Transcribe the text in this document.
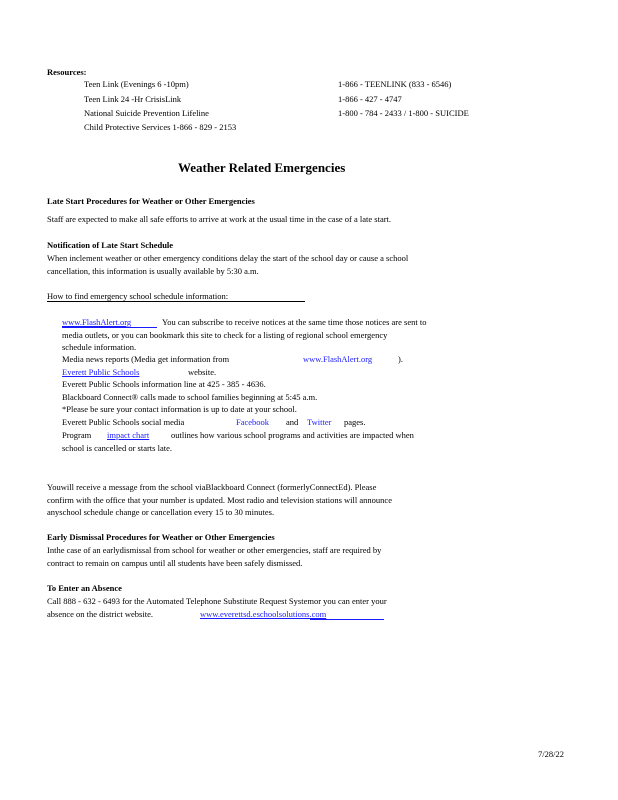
Resources:
Teen Link (Evenings 6 -10pm)	1-866 - TEENLINK (833 - 6546)
Teen Link 24 -Hr CrisisLink	1-866 - 427 - 4747
National Suicide Prevention Lifeline	1-800 - 784 - 2433 / 1-800 - SUICIDE
Child Protective Services 1-866 - 829 - 2153
Weather Related Emergencies
Late Start Procedures for Weather or Other Emergencies
Staff are expected to make all safe efforts to arrive at work at the usual time in the case of a late start.
Notification of Late Start Schedule
When inclement weather or other emergency conditions delay the start of the school day or cause a school
cancellation, this information is usually available by 5:30 a.m.
How to find emergency school schedule information:
www.FlashAlert.org	You can subscribe to receive notices at the same time those notices are sent to
media outlets, or you can bookmark this site to check for a listing of regional school emergency
schedule information.
Media news reports (Media get information from	www.FlashAlert.org	).
Everett Public Schools	website.
Everett Public Schools information line at 425 - 385 - 4636.
Blackboard Connect® calls made to school families beginning at 5:45 a.m.
*Please be sure your contact information is up to date at your school.
Everett Public Schools social media	Facebook and Twitter pages.
Program impact chart	outlines how various school programs and activities are impacted when
school is cancelled or starts late.
Youwill receive a message from the school viaBlackboard Connect (formerlyConnectEd). Please
confirm with the office that your number is updated. Most radio and television stations will announce
anyschool schedule change or cancellation every 15 to 30 minutes.
Early Dismissal Procedures for Weather or Other Emergencies
Inthe case of an earlydismissal from school for weather or other emergencies, staff are required by
contract to remain on campus until all students have been safely dismissed.
To Enter an Absence
Call 888 - 632 - 6493 for the Automated Telephone Substitute Request Systemor you can enter your
absence on the district website.	www.everettsd.eschoolsolutions.com
7/28/22
